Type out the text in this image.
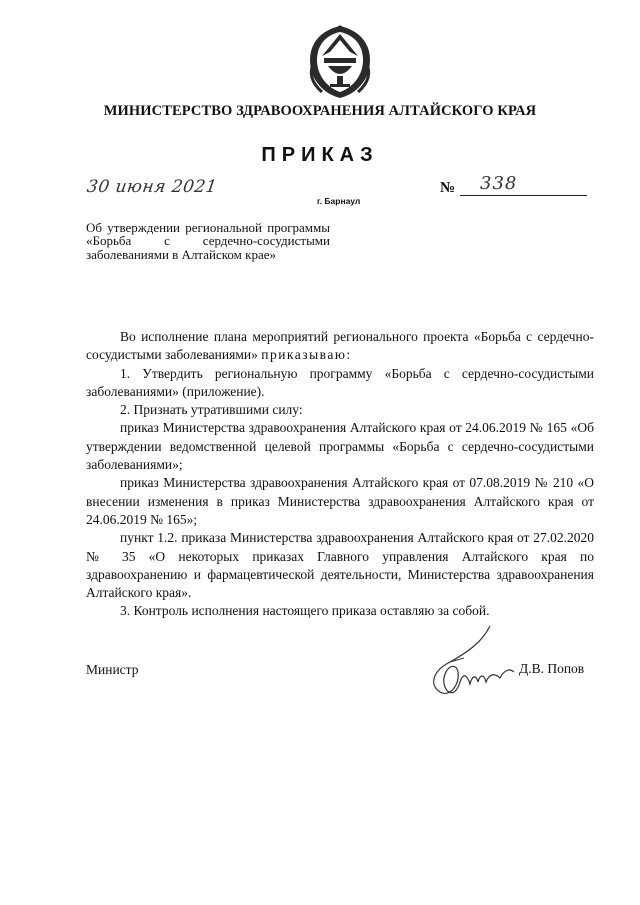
МИНИСТЕРСТВО ЗДРАВООХРАНЕНИЯ АЛТАЙСКОГО КРАЯ
ПРИКАЗ
30 июня 2021
г. Барнаул
№ 338
Об утверждении региональной программы «Борьба с сердечно-сосудистыми заболеваниями в Алтайском крае»

Во исполнение плана мероприятий регионального проекта «Борьба с сердечно-сосудистыми заболеваниями» приказываю:

1. Утвердить региональную программу «Борьба с сердечно-сосудистыми заболеваниями» (приложение).

2. Признать утратившими силу:

приказ Министерства здравоохранения Алтайского края от 24.06.2019 № 165 «Об утверждении ведомственной целевой программы «Борьба с сердечно-сосудистыми заболеваниями»;

приказ Министерства здравоохранения Алтайского края от 07.08.2019 № 210 «О внесении изменения в приказ Министерства здравоохранения Алтайского края от 24.06.2019 № 165»;

пункт 1.2. приказа Министерства здравоохранения Алтайского края от 27.02.2020 № 35 «О некоторых приказах Главного управления Алтайского края по здравоохранению и фармацевтической деятельности, Министерства здравоохранения Алтайского края».

3. Контроль исполнения настоящего приказа оставляю за собой.

Министр	Д.В. Попов
